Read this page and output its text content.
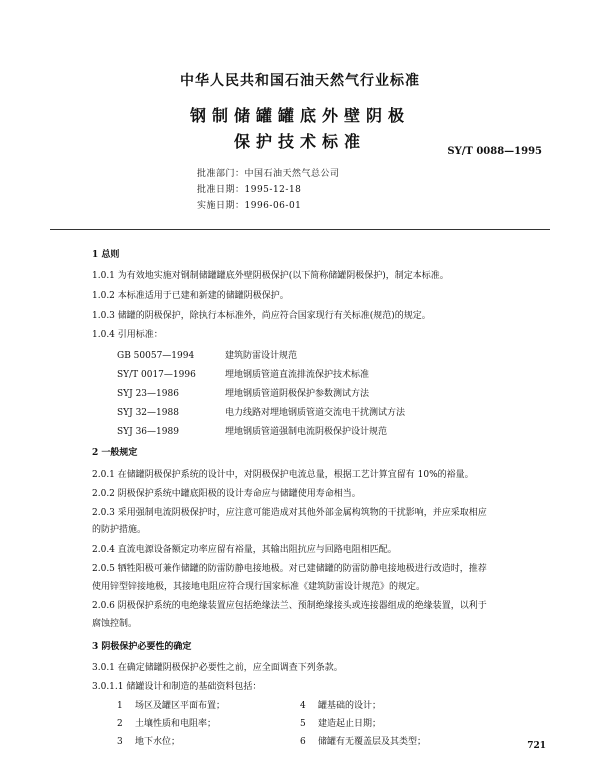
中华人民共和国石油天然气行业标准
钢制储罐罐底外壁阴极
保护技术标准
SY/T 0088—1995
批准部门：中国石油天然气总公司
批准日期：1995-12-18
实施日期：1996-06-01
1 总则
1.0.1 为有效地实施对钢制储罐罐底外壁阴极保护(以下简称储罐阴极保护)，制定本标准。
1.0.2 本标准适用于已建和新建的储罐阴极保护。
1.0.3 储罐的阴极保护，除执行本标准外，尚应符合国家现行有关标准(规范)的规定。
1.0.4 引用标准：
GB 50057—1994	建筑防雷设计规范
SY/T 0017—1996	埋地钢质管道直流排流保护技术标准
SYJ 23—1986	埋地钢质管道阴极保护参数测试方法
SYJ 32—1988	电力线路对埋地钢质管道交流电干扰测试方法
SYJ 36—1989	埋地钢质管道强制电流阴极保护设计规范
2 一般规定
2.0.1 在储罐阴极保护系统的设计中，对阴极保护电流总量，根据工艺计算宜留有 10%的裕量。
2.0.2 阴极保护系统中罐底阳极的设计寿命应与储罐使用寿命相当。
2.0.3 采用强制电流阴极保护时，应注意可能造成对其他外部金属构筑物的干扰影响，并应采取相应
的防护措施。
2.0.4 直流电源设备额定功率应留有裕量，其输出阻抗应与回路电阻相匹配。
2.0.5 牺牲阳极可兼作储罐的防雷防静电接地极。对已建储罐的防雷防静电接地极进行改造时，推荐
使用锌型锌接地极，其接地电阻应符合现行国家标准《建筑防雷设计规范》的规定。
2.0.6 阴极保护系统的电绝缘装置应包括绝缘法兰、预制绝缘接头或连接器组成的绝缘装置，以利于
腐蚀控制。
3 阴极保护必要性的确定
3.0.1 在确定储罐阴极保护必要性之前，应全面调查下列条款。
3.0.1.1 储罐设计和制造的基础资料包括：
1 场区及罐区平面布置；
2 土壤性质和电阻率；
3 地下水位；	721
4 罐基础的设计；
5 建造起止日期；
6 储罐有无覆盖层及其类型；
